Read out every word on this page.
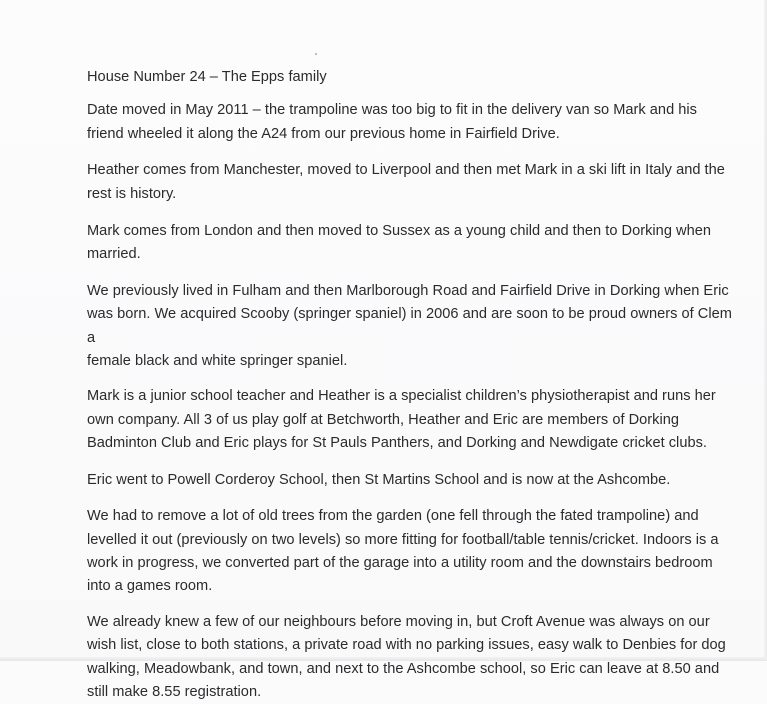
House Number 24 – The Epps family

Date moved in May 2011 – the trampoline was too big to fit in the delivery van so Mark and his
friend wheeled it along the A24 from our previous home in Fairfield Drive.

Heather comes from Manchester, moved to Liverpool and then met Mark in a ski lift in Italy and the
rest is history.

Mark comes from London and then moved to Sussex as a young child and then to Dorking when
married.

We previously lived in Fulham and then Marlborough Road and Fairfield Drive in Dorking when Eric
was born. We acquired Scooby (springer spaniel) in 2006 and are soon to be proud owners of Clem a
female black and white springer spaniel.

Mark is a junior school teacher and Heather is a specialist children’s physiotherapist and runs her
own company. All 3 of us play golf at Betchworth, Heather and Eric are members of Dorking
Badminton Club and Eric plays for St Pauls Panthers, and Dorking and Newdigate cricket clubs.

Eric went to Powell Corderoy School, then St Martins School and is now at the Ashcombe.

We had to remove a lot of old trees from the garden (one fell through the fated trampoline) and
levelled it out (previously on two levels) so more fitting for football/table tennis/cricket. Indoors is a
work in progress, we converted part of the garage into a utility room and the downstairs bedroom
into a games room.

We already knew a few of our neighbours before moving in, but Croft Avenue was always on our
wish list, close to both stations, a private road with no parking issues, easy walk to Denbies for dog
walking, Meadowbank, and town, and next to the Ashcombe school, so Eric can leave at 8.50 and
still make 8.55 registration.
